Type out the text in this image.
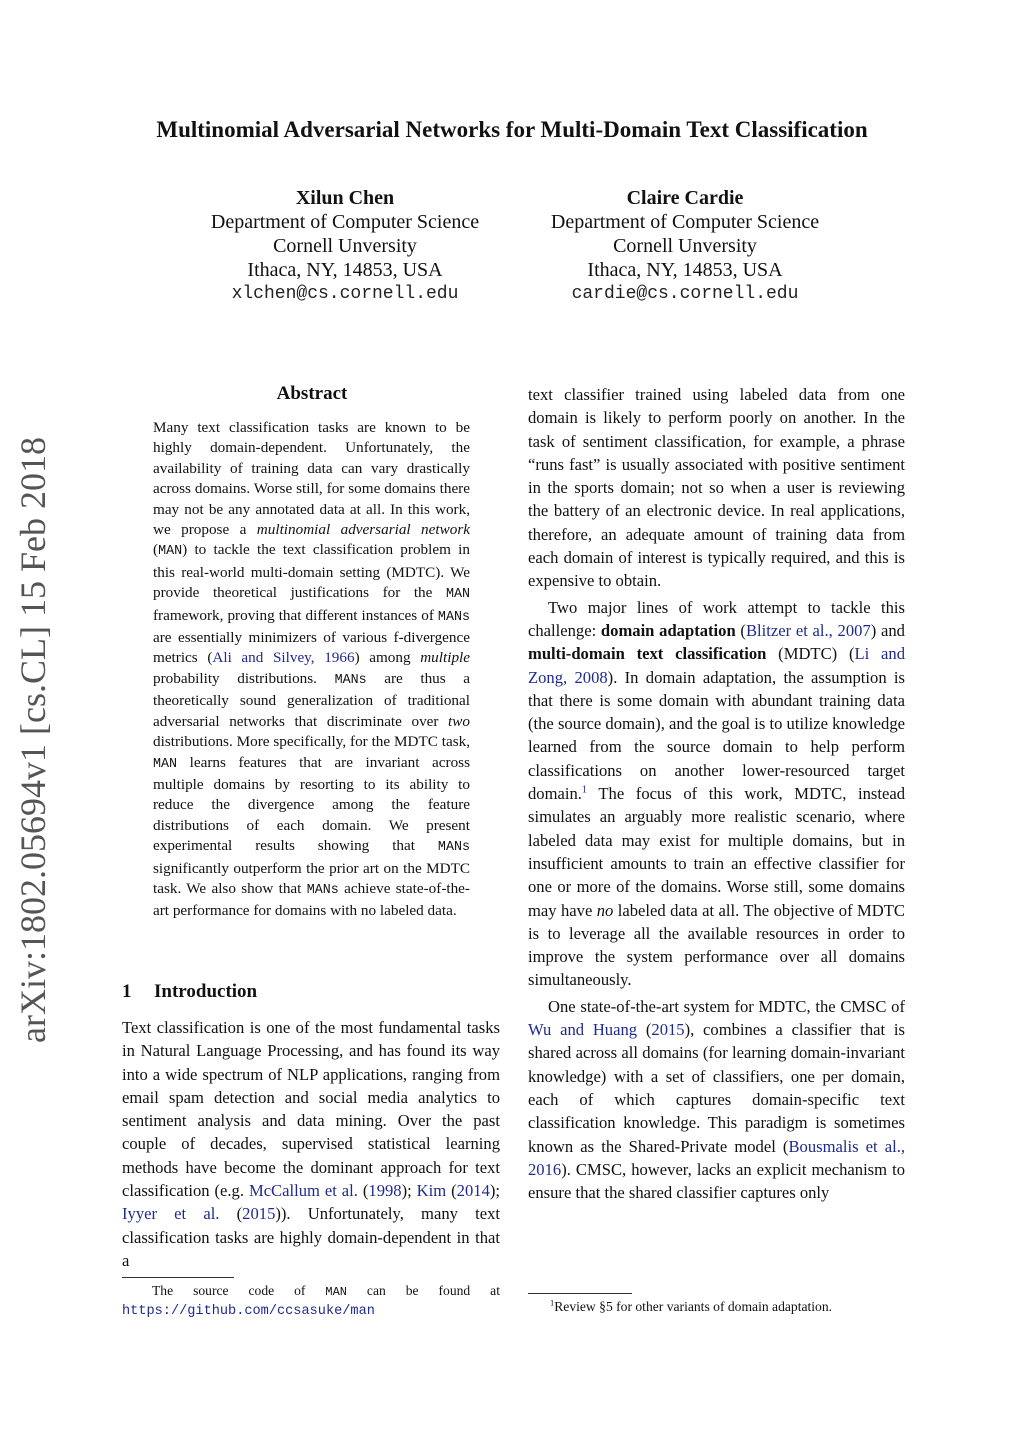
Multinomial Adversarial Networks for Multi-Domain Text Classification
Xilun Chen
Department of Computer Science
Cornell Unversity
Ithaca, NY, 14853, USA
xlchen@cs.cornell.edu
Claire Cardie
Department of Computer Science
Cornell Unversity
Ithaca, NY, 14853, USA
cardie@cs.cornell.edu
arXiv:1802.05694v1 [cs.CL] 15 Feb 2018
Abstract
Many text classification tasks are known to be highly domain-dependent. Unfortunately, the availability of training data can vary drastically across domains. Worse still, for some domains there may not be any annotated data at all. In this work, we propose a multinomial adversarial network (MAN) to tackle the text classification problem in this real-world multi-domain setting (MDTC). We provide theoretical justifications for the MAN framework, proving that different instances of MANs are essentially minimizers of various f-divergence metrics (Ali and Silvey, 1966) among multiple probability distributions. MANs are thus a theoretically sound generalization of traditional adversarial networks that discriminate over two distributions. More specifically, for the MDTC task, MAN learns features that are invariant across multiple domains by resorting to its ability to reduce the divergence among the feature distributions of each domain. We present experimental results showing that MANs significantly outperform the prior art on the MDTC task. We also show that MANs achieve state-of-the-art performance for domains with no labeled data.
1 Introduction
Text classification is one of the most fundamental tasks in Natural Language Processing, and has found its way into a wide spectrum of NLP applications, ranging from email spam detection and social media analytics to sentiment analysis and data mining. Over the past couple of decades, supervised statistical learning methods have become the dominant approach for text classification (e.g. McCallum et al. (1998); Kim (2014); Iyyer et al. (2015)). Unfortunately, many text classification tasks are highly domain-dependent in that a
The source code of MAN can be found at https://github.com/ccsasuke/man

text classifier trained using labeled data from one domain is likely to perform poorly on another. In the task of sentiment classification, for example, a phrase “runs fast” is usually associated with positive sentiment in the sports domain; not so when a user is reviewing the battery of an electronic device. In real applications, therefore, an adequate amount of training data from each domain of interest is typically required, and this is expensive to obtain.

Two major lines of work attempt to tackle this challenge: domain adaptation (Blitzer et al., 2007) and multi-domain text classification (MDTC) (Li and Zong, 2008). In domain adaptation, the assumption is that there is some domain with abundant training data (the source domain), and the goal is to utilize knowledge learned from the source domain to help perform classifications on another lower-resourced target domain.$^1$ The focus of this work, MDTC, instead simulates an arguably more realistic scenario, where labeled data may exist for multiple domains, but in insufficient amounts to train an effective classifier for one or more of the domains. Worse still, some domains may have no labeled data at all. The objective of MDTC is to leverage all the available resources in order to improve the system performance over all domains simultaneously.

One state-of-the-art system for MDTC, the CMSC of Wu and Huang (2015), combines a classifier that is shared across all domains (for learning domain-invariant knowledge) with a set of classifiers, one per domain, each of which captures domain-specific text classification knowledge. This paradigm is sometimes known as the Shared-Private model (Bousmalis et al., 2016). CMSC, however, lacks an explicit mechanism to ensure that the shared classifier captures only

$^1$Review §5 for other variants of domain adaptation.
